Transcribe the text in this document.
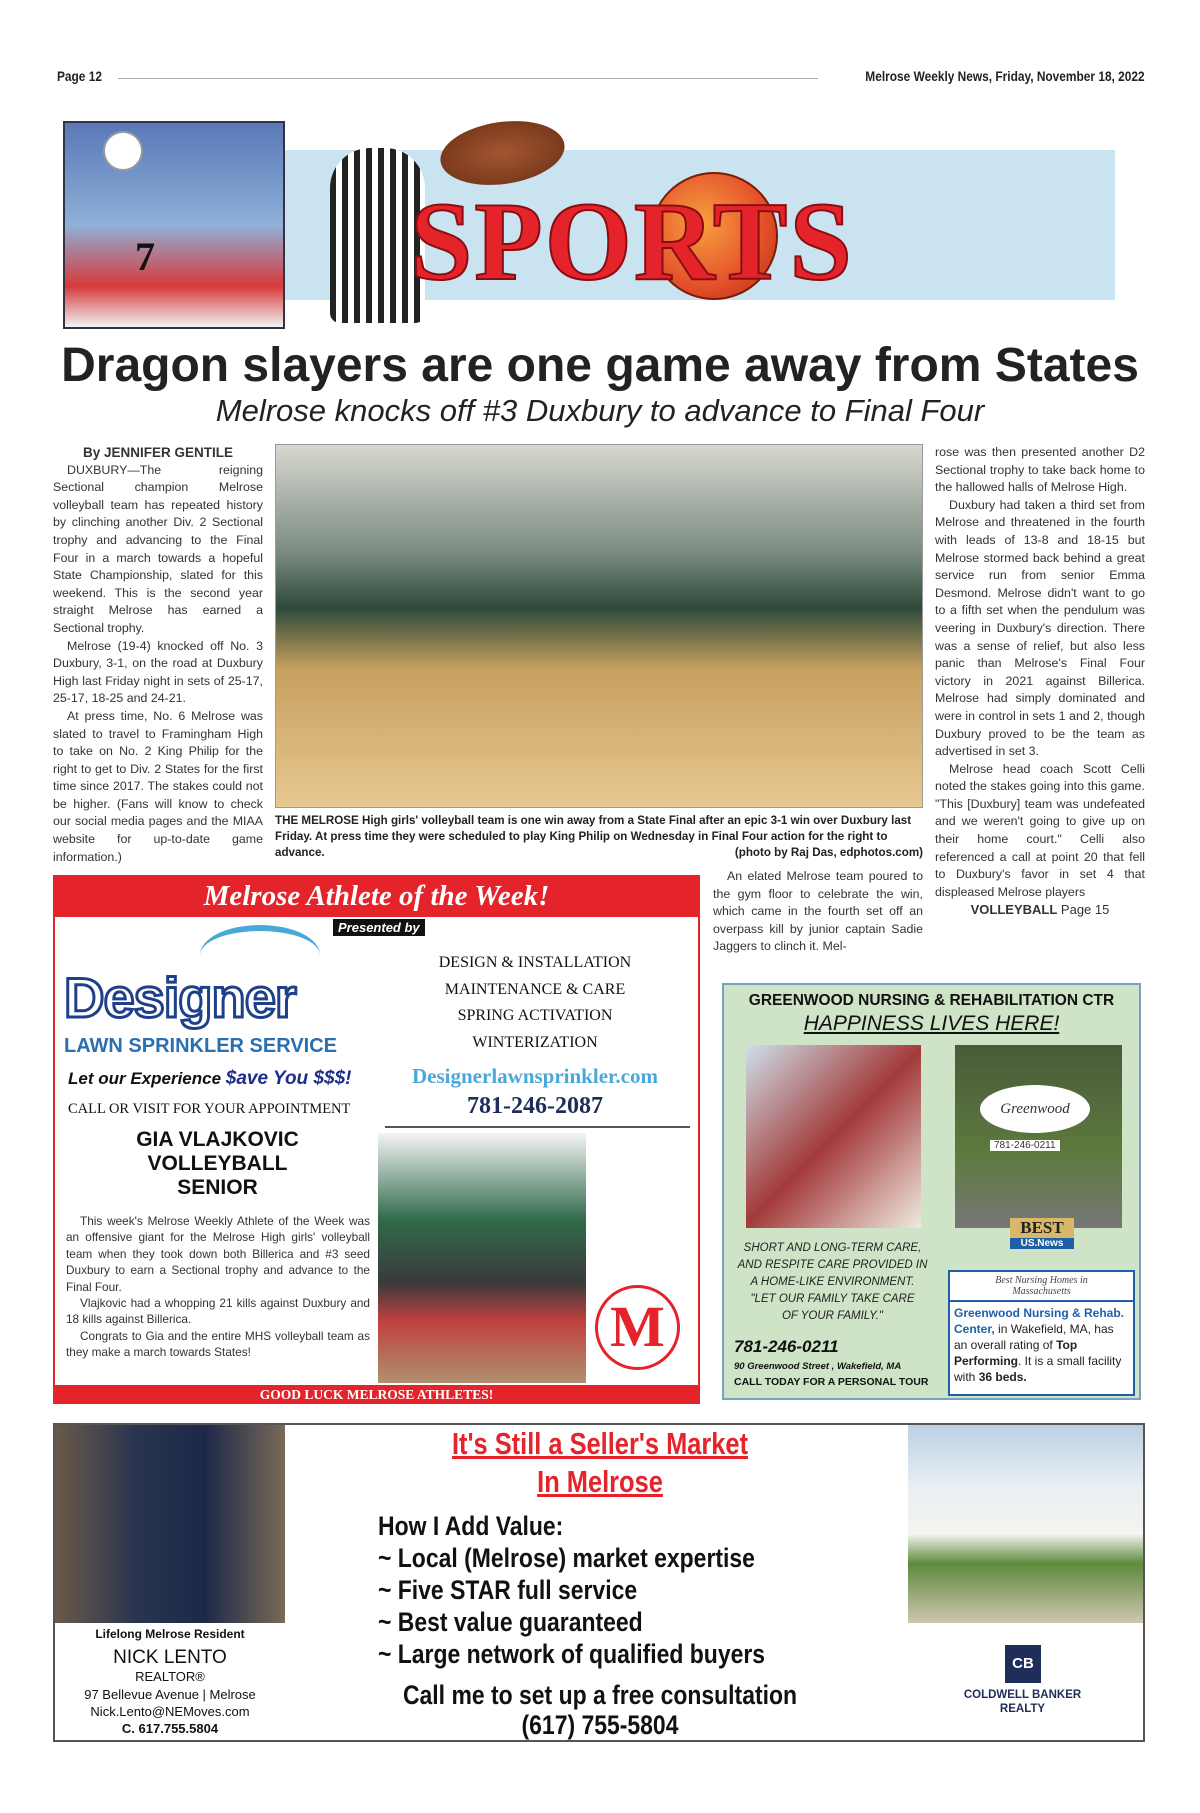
Page 12	Melrose Weekly News, Friday, November 18, 2022
7 SPORTS
Dragon slayers are one game away from States
Melrose knocks off #3 Duxbury to advance to Final Four
By JENNIFER GENTILE

DUXBURY—The reigning Sectional champion Melrose volleyball team has repeated history by clinching another Div. 2 Sectional trophy and advancing to the Final Four in a march towards a hopeful State Championship, slated for this weekend. This is the second year straight Melrose has earned a Sectional trophy.

Melrose (19-4) knocked off No. 3 Duxbury, 3-1, on the road at Duxbury High last Friday night in sets of 25-17, 25-17, 18-25 and 24-21.

At press time, No. 6 Melrose was slated to travel to Framingham High to take on No. 2 King Philip for the right to get to Div. 2 States for the first time since 2017. The stakes could not be higher. (Fans will know to check our social media pages and the MIAA website for up-to-date game information.)

THE MELROSE High girls' volleyball team is one win away from a State Final after an epic 3-1 win over Duxbury last Friday. At press time they were scheduled to play King Philip on Wednesday in Final Four action for the right to advance.	(photo by Raj Das, edphotos.com)

An elated Melrose team poured to the gym floor to celebrate the win, which came in the fourth set off an overpass kill by junior captain Sadie Jaggers to clinch it. Mel-

rose was then presented another D2 Sectional trophy to take back home to the hallowed halls of Melrose High.

Duxbury had taken a third set from Melrose and threatened in the fourth with leads of 13-8 and 18-15 but Melrose stormed back behind a great service run from senior Emma Desmond. Melrose didn't want to go to a fifth set when the pendulum was veering in Duxbury's direction. There was a sense of relief, but also less panic than Melrose's Final Four victory in 2021 against Billerica. Melrose had simply dominated and were in control in sets 1 and 2, though Duxbury proved to be the team as advertised in set 3.

Melrose head coach Scott Celli noted the stakes going into this game. "This [Duxbury] team was undefeated and we weren't going to give up on their home court." Celli also referenced a call at point 20 that fell to Duxbury's favor in set 4 that displeased Melrose players

VOLLEYBALL Page 15
Melrose Athlete of the Week!
Presented by
Designer
LAWN SPRINKLER SERVICE
Let our Experience $ave You $$$!
CALL OR VISIT FOR YOUR APPOINTMENT
DESIGN & INSTALLATION
MAINTENANCE & CARE
SPRING ACTIVATION
WINTERIZATION
Designerlawnsprinkler.com
781-246-2087
GIA VLAJKOVIC
VOLLEYBALL
SENIOR

This week's Melrose Weekly Athlete of the Week was an offensive giant for the Melrose High girls' volleyball team when they took down both Billerica and #3 seed Duxbury to earn a Sectional trophy and advance to the Final Four.

Vlajkovic had a whopping 21 kills against Duxbury and 18 kills against Billerica.

Congrats to Gia and the entire MHS volleyball team as they make a march towards States!	M
GOOD LUCK MELROSE ATHLETES!
GREENWOOD NURSING & REHABILITATION CTR
HAPPINESS LIVES HERE!
Greenwood
781-246-0211
SHORT AND LONG-TERM CARE,
AND RESPITE CARE PROVIDED IN
A HOME-LIKE ENVIRONMENT.
"LET OUR FAMILY TAKE CARE
OF YOUR FAMILY."
781-246-0211
90 Greenwood Street , Wakefield, MA
CALL TODAY FOR A PERSONAL TOUR
BEST
US.News
Best Nursing Homes in Massachusetts
Greenwood Nursing & Rehab. Center, in Wakefield, MA, has an overall rating of Top Performing. It is a small facility with 36 beds.
Lifelong Melrose Resident
NICK LENTO
REALTOR®
97 Bellevue Avenue | Melrose
Nick.Lento@NEMoves.com
C. 617.755.5804
It's Still a Seller's Market
In Melrose
How I Add Value:
~ Local (Melrose) market expertise
~ Five STAR full service
~ Best value guaranteed
~ Large network of qualified buyers
Call me to set up a free consultation
(617) 755-5804
CB
COLDWELL BANKER
REALTY
